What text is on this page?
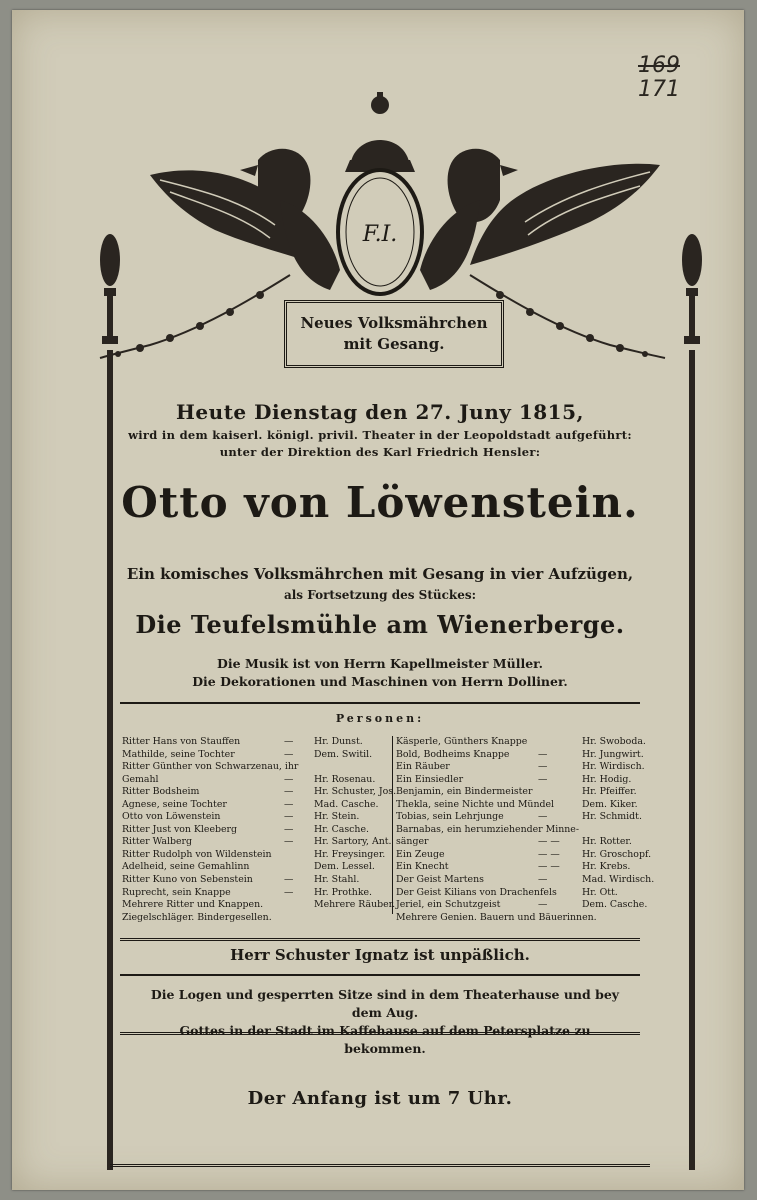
169
171
F.I.
Neues Volksmährchen
mit Gesang.
Heute Dienstag den 27. Juny 1815,
wird in dem kaiserl. königl. privil. Theater in der Leopoldstadt aufgeführt:
unter der Direktion des Karl Friedrich Hensler:
Otto von Löwenstein.
Ein komisches Volksmährchen mit Gesang in vier Aufzügen,
als Fortsetzung des Stückes:
Die Teufelsmühle am Wienerberge.
Die Musik ist von Herrn Kapellmeister Müller.
Die Dekorationen und Maschinen von Herrn Dolliner.
Personen:
Ritter Hans von Stauffen	— Hr. Dunst.
Mathilde, seine Tochter	— Dem. Switil.
Ritter Günther von Schwarzenau, ihr
Gemahl	— Hr. Rosenau.
Ritter Bodsheim	— Hr. Schuster, Jos.
Agnese, seine Tochter	— Mad. Casche.
Otto von Löwenstein	— Hr. Stein.
Ritter Just von Kleeberg	— Hr. Casche.
Ritter Walberg	— Hr. Sartory, Ant.
Ritter Rudolph von Wildenstein	Hr. Freysinger.
Adelheid, seine Gemahlinn	Dem. Lessel.
Ritter Kuno von Sebenstein	— Hr. Stahl.
Ruprecht, sein Knappe	— Hr. Prothke.
Mehrere Ritter und Knappen.	Mehrere Räuber.
Ziegelschläger. Bindergesellen.
Käsperle, Günthers Knappe	Hr. Swoboda.
Bold, Bodheims Knappe	—	Hr. Jungwirt.
Ein Räuber	—	Hr. Wirdisch.
Ein Einsiedler	—	Hr. Hodig.
Benjamin, ein Bindermeister	Hr. Pfeiffer.
Thekla, seine Nichte und Mündel	Dem. Kiker.
Tobias, sein Lehrjunge	—	Hr. Schmidt.
Barnabas, ein herumziehender Minne-
sänger	— — Hr. Rotter.
Ein Zeuge	— — Hr. Groschopf.
Ein Knecht	— — Hr. Krebs.
Der Geist Martens	—	Mad. Wirdisch.
Der Geist Kilians von Drachenfels	Hr. Ott.
Jeriel, ein Schutzgeist	—	Dem. Casche.
Mehrere Genien. Bauern und Bäuerinnen.
Herr Schuster Ignatz ist unpäßlich.
Die Logen und gesperrten Sitze sind in dem Theaterhause und bey dem Aug.
Gottes in der Stadt im Kaffehause auf dem Petersplatze zu bekommen.
Der Anfang ist um 7 Uhr.
